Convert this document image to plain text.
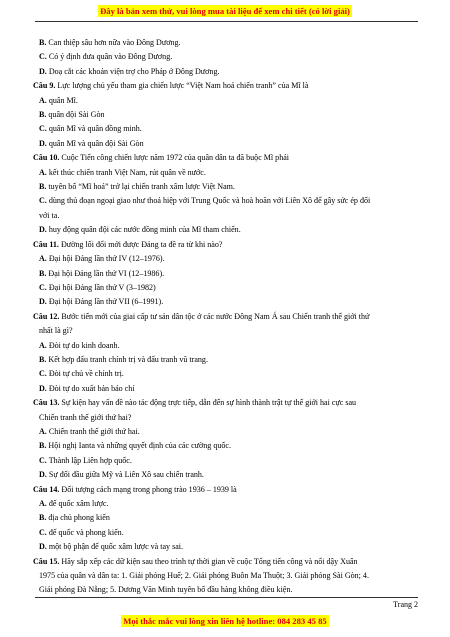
Đây là bản xem thử, vui lòng mua tài liệu để xem chi tiết (có lời giải)
B. Can thiệp sâu hơn nữa vào Đông Dương.
C. Có ý định đưa quân vào Đông Dương.
D. Doạ cắt các khoản viện trợ cho Pháp ở Đông Dương.
Câu 9. Lực lượng chủ yếu tham gia chiến lược “Việt Nam hoá chiến tranh” của Mĩ là
A. quân Mĩ.
B. quân đội Sài Gòn
C. quân Mĩ và quân đồng minh.
D. quân Mĩ và quân đội Sài Gòn
Câu 10. Cuộc Tiến công chiến lược năm 1972 của quân dân ta đã buộc Mĩ phải
A. kết thúc chiến tranh Việt Nam, rút quân về nước.
B. tuyên bố “Mĩ hoá” trở lại chiến tranh xâm lược Việt Nam.
C. dùng thủ đoạn ngoại giao như thoả hiệp với Trung Quốc và hoà hoãn với Liên Xô để gây sức ép đối
với ta.
D. huy động quân đội các nước đồng minh của Mĩ tham chiến.
Câu 11. Đường lối đổi mới được Đảng ta đề ra từ khi nào?
A. Đại hội Đảng lần thứ IV (12–1976).
B. Đại hội Đảng lần thứ VI (12–1986).
C. Đại hội Đảng lần thứ V (3–1982)
D. Đại hội Đảng lần thứ VII (6–1991).
Câu 12. Bước tiến mới của giai cấp tư sản dân tộc ở các nước Đông Nam Á sau Chiến tranh thế giới thứ
nhất là gì?
A. Đòi tự do kinh doanh.
B. Kết hợp đấu tranh chính trị và đấu tranh vũ trang.
C. Đòi tự chủ về chính trị.
D. Đòi tự do xuất bản báo chí
Câu 13. Sự kiện hay vấn đề nào tác động trực tiếp, dẫn đến sự hình thành trật tự thế giới hai cực sau
Chiến tranh thế giới thứ hai?
A. Chiến tranh thế giới thứ hai.
B. Hội nghị Ianta và những quyết định của các cường quốc.
C. Thành lập Liên hợp quốc.
D. Sự đối đầu giữa Mỹ và Liên Xô sau chiến tranh.
Câu 14. Đối tượng cách mạng trong phong trào 1936 – 1939 là
A. đế quốc xâm lược.
B. địa chủ phong kiến
C. đế quốc và phong kiến.
D. một bộ phận đế quốc xâm lược và tay sai.
Câu 15. Hãy sắp xếp các dữ kiện sau theo trình tự thời gian về cuộc Tổng tiến công và nổi dậy Xuân
1975 của quân và dân ta: 1. Giải phóng Huế; 2. Giải phóng Buôn Ma Thuột; 3. Giải phóng Sài Gòn; 4.
Giải phóng Đà Nẵng; 5. Dương Văn Minh tuyên bố đầu hàng không điều kiện.
Trang 2
Mọi thắc mắc vui lòng xin liên hệ hotline: 084 283 45 85
